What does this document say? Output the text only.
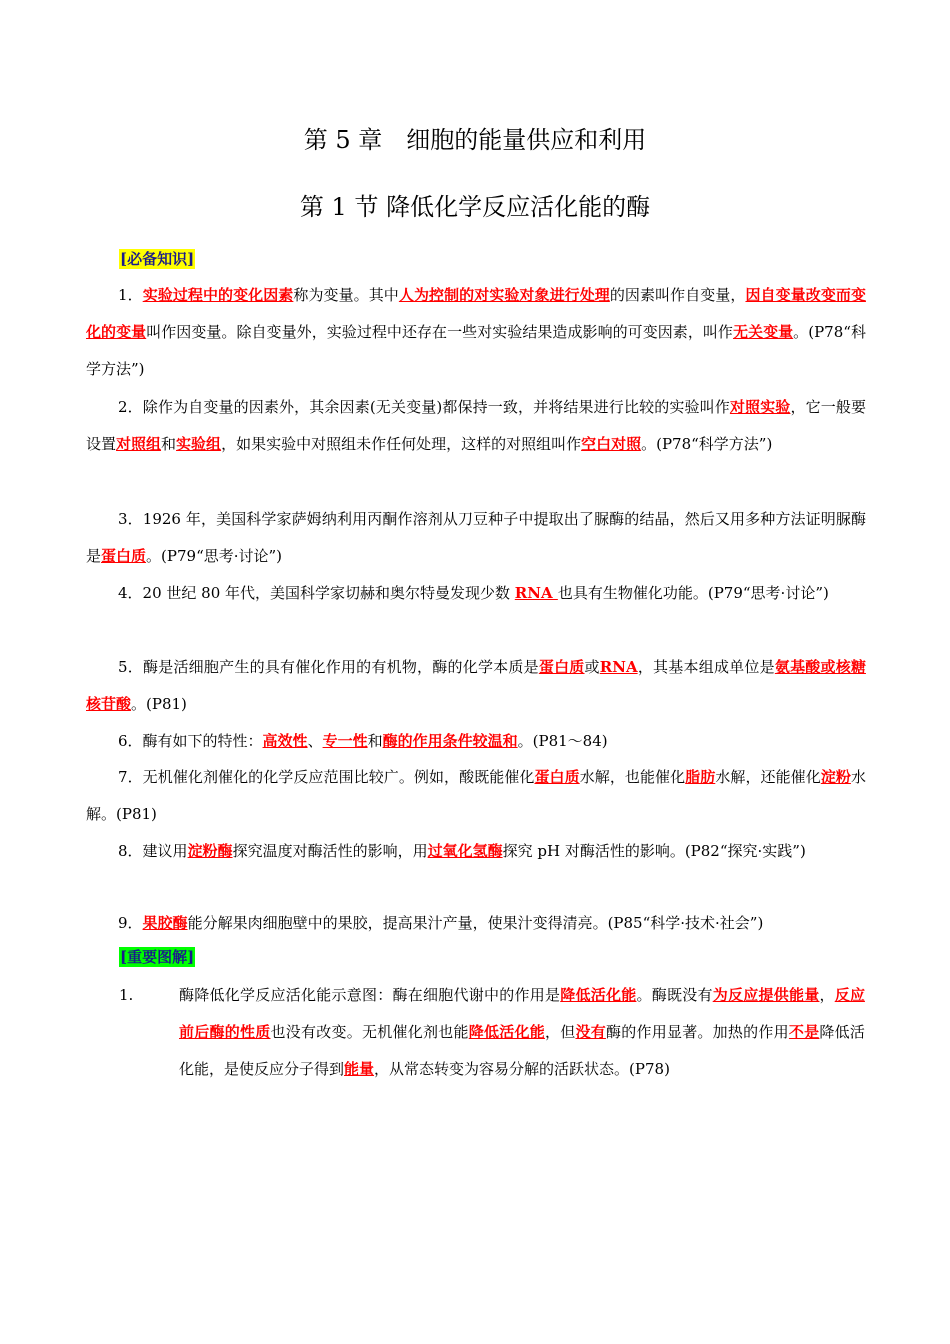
第 5 章　细胞的能量供应和利用
第 1 节 降低化学反应活化能的酶
[必备知识]

1．实验过程中的变化因素称为变量。其中人为控制的对实验对象进行处理的因素叫作自变量，因自变量改变而变化的变量叫作因变量。除自变量外，实验过程中还存在一些对实验结果造成影响的可变因素，叫作无关变量。(P78“科学方法”)

2．除作为自变量的因素外，其余因素(无关变量)都保持一致，并将结果进行比较的实验叫作对照实验，它一般要设置对照组和实验组，如果实验中对照组未作任何处理，这样的对照组叫作空白对照。(P78“科学方法”)

3．1926 年，美国科学家萨姆纳利用丙酮作溶剂从刀豆种子中提取出了脲酶的结晶，然后又用多种方法证明脲酶是蛋白质。(P79“思考·讨论”)

4．20 世纪 80 年代，美国科学家切赫和奥尔特曼发现少数 RNA 也具有生物催化功能。(P79“思考·讨论”)

5．酶是活细胞产生的具有催化作用的有机物，酶的化学本质是蛋白质或RNA，其基本组成单位是氨基酸或核糖核苷酸。(P81)

6．酶有如下的特性：高效性、专一性和酶的作用条件较温和。(P81～84)

7．无机催化剂催化的化学反应范围比较广。例如，酸既能催化蛋白质水解，也能催化脂肪水解，还能催化淀粉水解。(P81)

8．建议用淀粉酶探究温度对酶活性的影响，用过氧化氢酶探究 pH 对酶活性的影响。(P82“探究·实践”)

9．果胶酶能分解果肉细胞壁中的果胶，提高果汁产量，使果汁变得清亮。(P85“科学·技术·社会”)

[重要图解]
1.	酶降低化学反应活化能示意图：酶在细胞代谢中的作用是降低活化能。酶既没有为反应提供能量，反应前后酶的性质也没有改变。无机催化剂也能降低活化能，但没有酶的作用显著。加热的作用不是降低活化能，是使反应分子得到能量，从常态转变为容易分解的活跃状态。(P78)
